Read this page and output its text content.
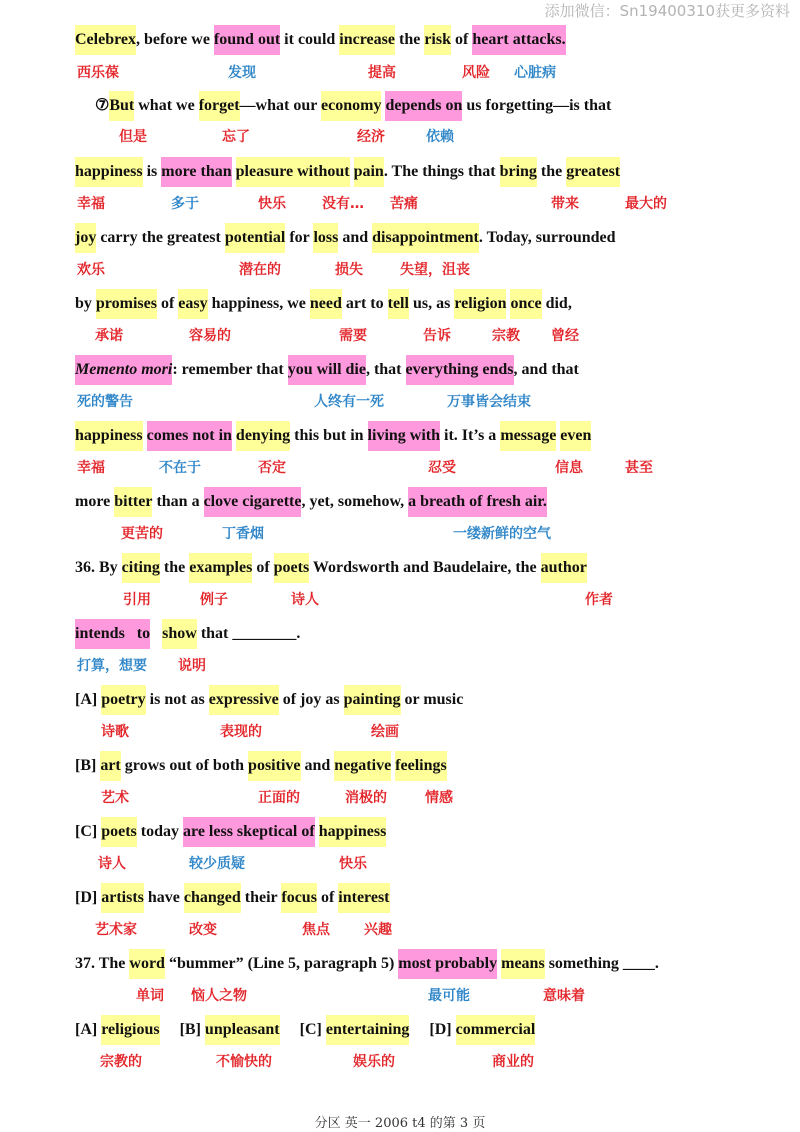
添加微信：Sn19400310获更多资料
Celebrex, before we found out it could increase the risk of heart attacks.
⑦But what we forget—what our economy depends on us forgetting—is that
happiness is more than pleasure without pain. The things that bring the greatest
joy carry the greatest potential for loss and disappointment. Today, surrounded
by promises of easy happiness, we need art to tell us, as religion once did,
Memento mori: remember that you will die, that everything ends, and that
happiness comes not in denying this but in living with it. It’s a message even
more bitter than a clove cigarette, yet, somehow, a breath of fresh air.
36. By citing the examples of poets Wordsworth and Baudelaire, the author
intends   to show that ________.
[A] poetry is not as expressive of joy as painting or music
[B] art grows out of both positive and negative feelings
[C] poets today are less skeptical of happiness
[D] artists have changed their focus of interest
37. The word “bummer” (Line 5, paragraph 5) most probably means something ____.
[A] religious     [B] unpleasant     [C] entertaining     [D] commercial
西乐葆	发现	提高	风险 心脏病
但是	忘了	经济	依赖
幸福	多于	快乐	没有… 苦痛	带来	最大的
欢乐	潜在的	损失	失望，沮丧
承诺	容易的	需要	告诉	宗教 曾经
死的警告	人终有一死	万事皆会结束
幸福	不在于	否定	忍受	信息	甚至
更苦的	丁香烟	一缕新鲜的空气
引用	例子	诗人	作者
打算，想要 说明
诗歌	表现的	绘画
艺术	正面的	消极的	情感
诗人	较少质疑	快乐
艺术家	改变	焦点 兴趣
单词 恼人之物	最可能	意味着
宗教的	不愉快的	娱乐的	商业的
分区 英一 2006 t4 的第 3 页
